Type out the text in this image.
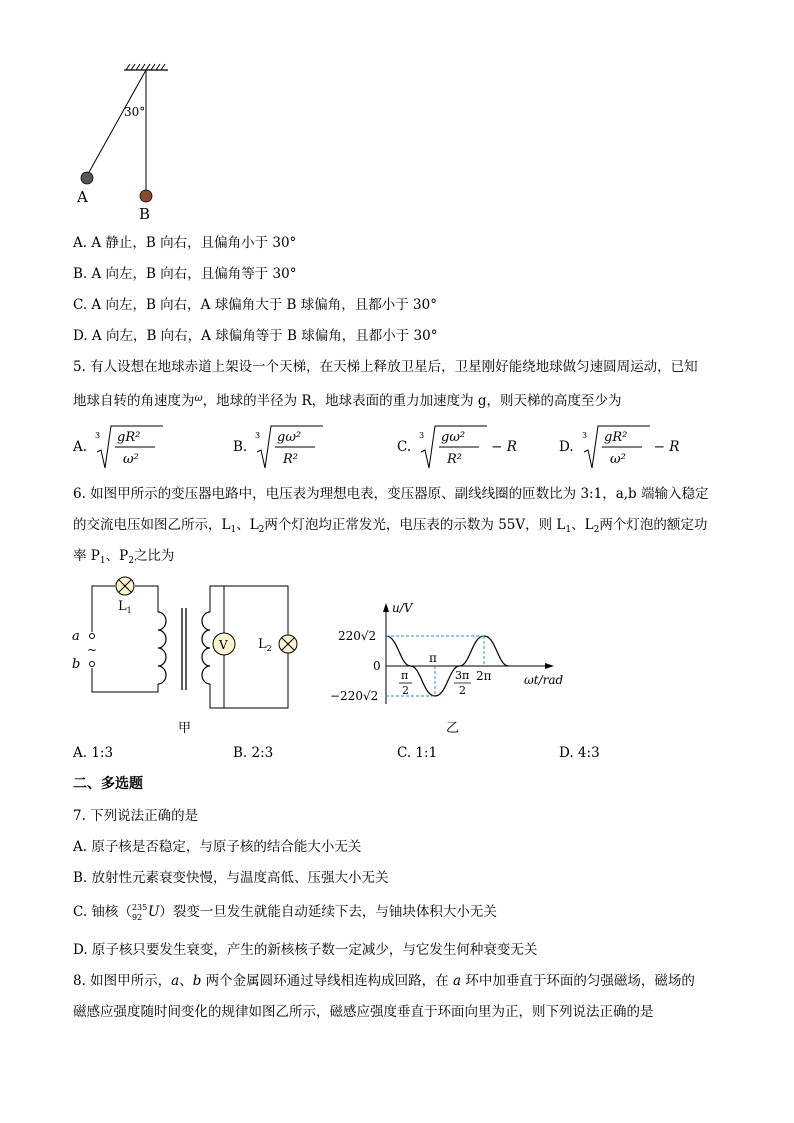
30°
A
B
A. A 静止，B 向右，且偏角小于 30°
B. A 向左，B 向右，且偏角等于 30°
C. A 向左，B 向右，A 球偏角大于 B 球偏角，且都小于 30°
D. A 向左，B 向右，A 球偏角等于 B 球偏角，且都小于 30°
5. 有人设想在地球赤道上架设一个天梯，在天梯上释放卫星后，卫星刚好能绕地球做匀速圆周运动，已知
地球自转的角速度为$^\omega$，地球的半径为 R，地球表面的重力加速度为 g，则天梯的高度至少为
A.
3 gR²
ω²
B.
3 gω²
R²
C.
3 gω²
R²
− R	D.
3 gR²
ω²
− R
6. 如图甲所示的变压器电路中，电压表为理想电表，变压器原、副线线圈的匝数比为 3:1，a,b 端输入稳定
的交流电压如图乙所示，$L_1$、$L_2$两个灯泡均正常发光，电压表的示数为 55V，则 $L_1$、$L_2$两个灯泡的额定功
率 $P_1$、$P_2$之比为
a
~
b
$L_1$
V $L_2$
甲
u/V
ωt/rad
220√2
0
−220√2
π
2
π
3π
2
2π
乙
A. 1:3	B. 2:3	C. 1:1	D. 4:3
二、多选题
7. 下列说法正确的是
A. 原子核是否稳定，与原子核的结合能大小无关
B. 放射性元素衰变快慢，与温度高低、压强大小无关
C. 铀核（ 235
92 U）裂变一旦发生就能自动延续下去，与铀块体积大小无关
D. 原子核只要发生衰变，产生的新核核子数一定减少，与它发生何种衰变无关
8. 如图甲所示，a、b 两个金属圆环通过导线相连构成回路，在 a 环中加垂直于环面的匀强磁场，磁场的
磁感应强度随时间变化的规律如图乙所示，磁感应强度垂直于环面向里为正，则下列说法正确的是
